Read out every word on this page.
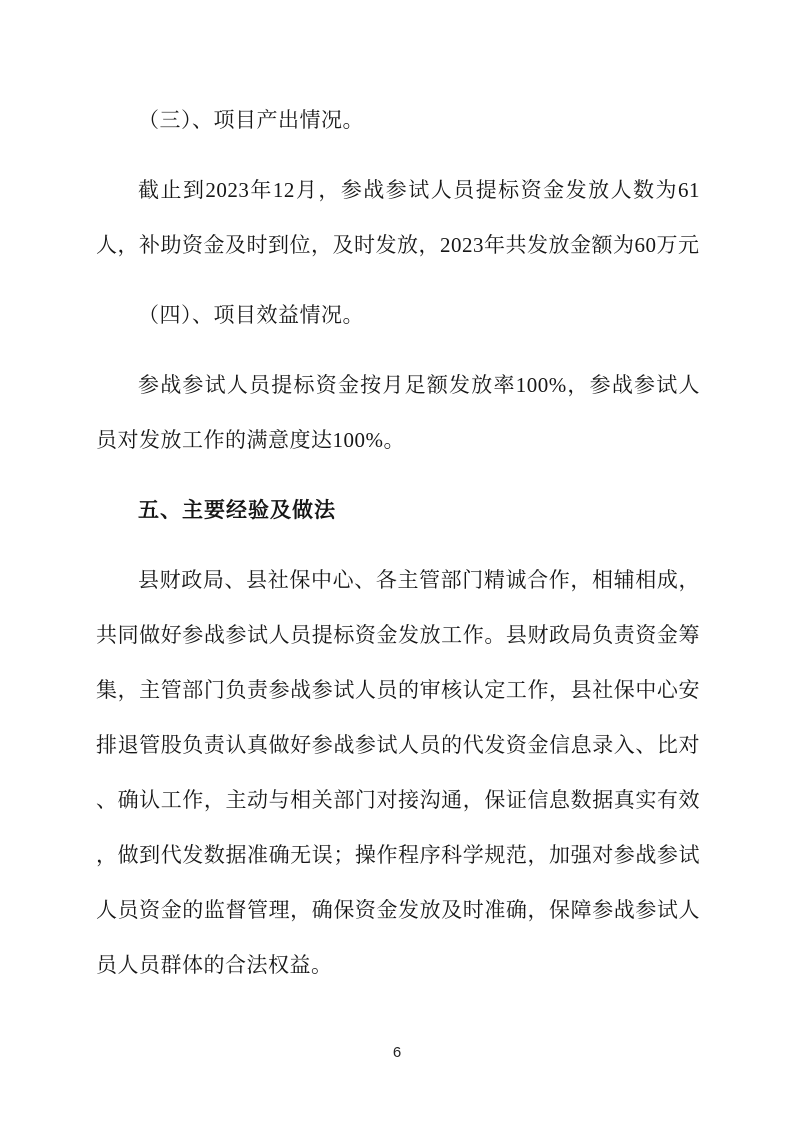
（三）、项目产出情况。
截止到2023年12月，参战参试人员提标资金发放人数为61
人，补助资金及时到位，及时发放，2023年共发放金额为60万元
（四）、项目效益情况。
参战参试人员提标资金按月足额发放率100%，参战参试人
员对发放工作的满意度达100%。
五、主要经验及做法
县财政局、县社保中心、各主管部门精诚合作，相辅相成，
共同做好参战参试人员提标资金发放工作。县财政局负责资金筹
集，主管部门负责参战参试人员的审核认定工作，县社保中心安
排退管股负责认真做好参战参试人员的代发资金信息录入、比对
、确认工作，主动与相关部门对接沟通，保证信息数据真实有效
，做到代发数据准确无误；操作程序科学规范，加强对参战参试
人员资金的监督管理，确保资金发放及时准确，保障参战参试人
员人员群体的合法权益。
6
